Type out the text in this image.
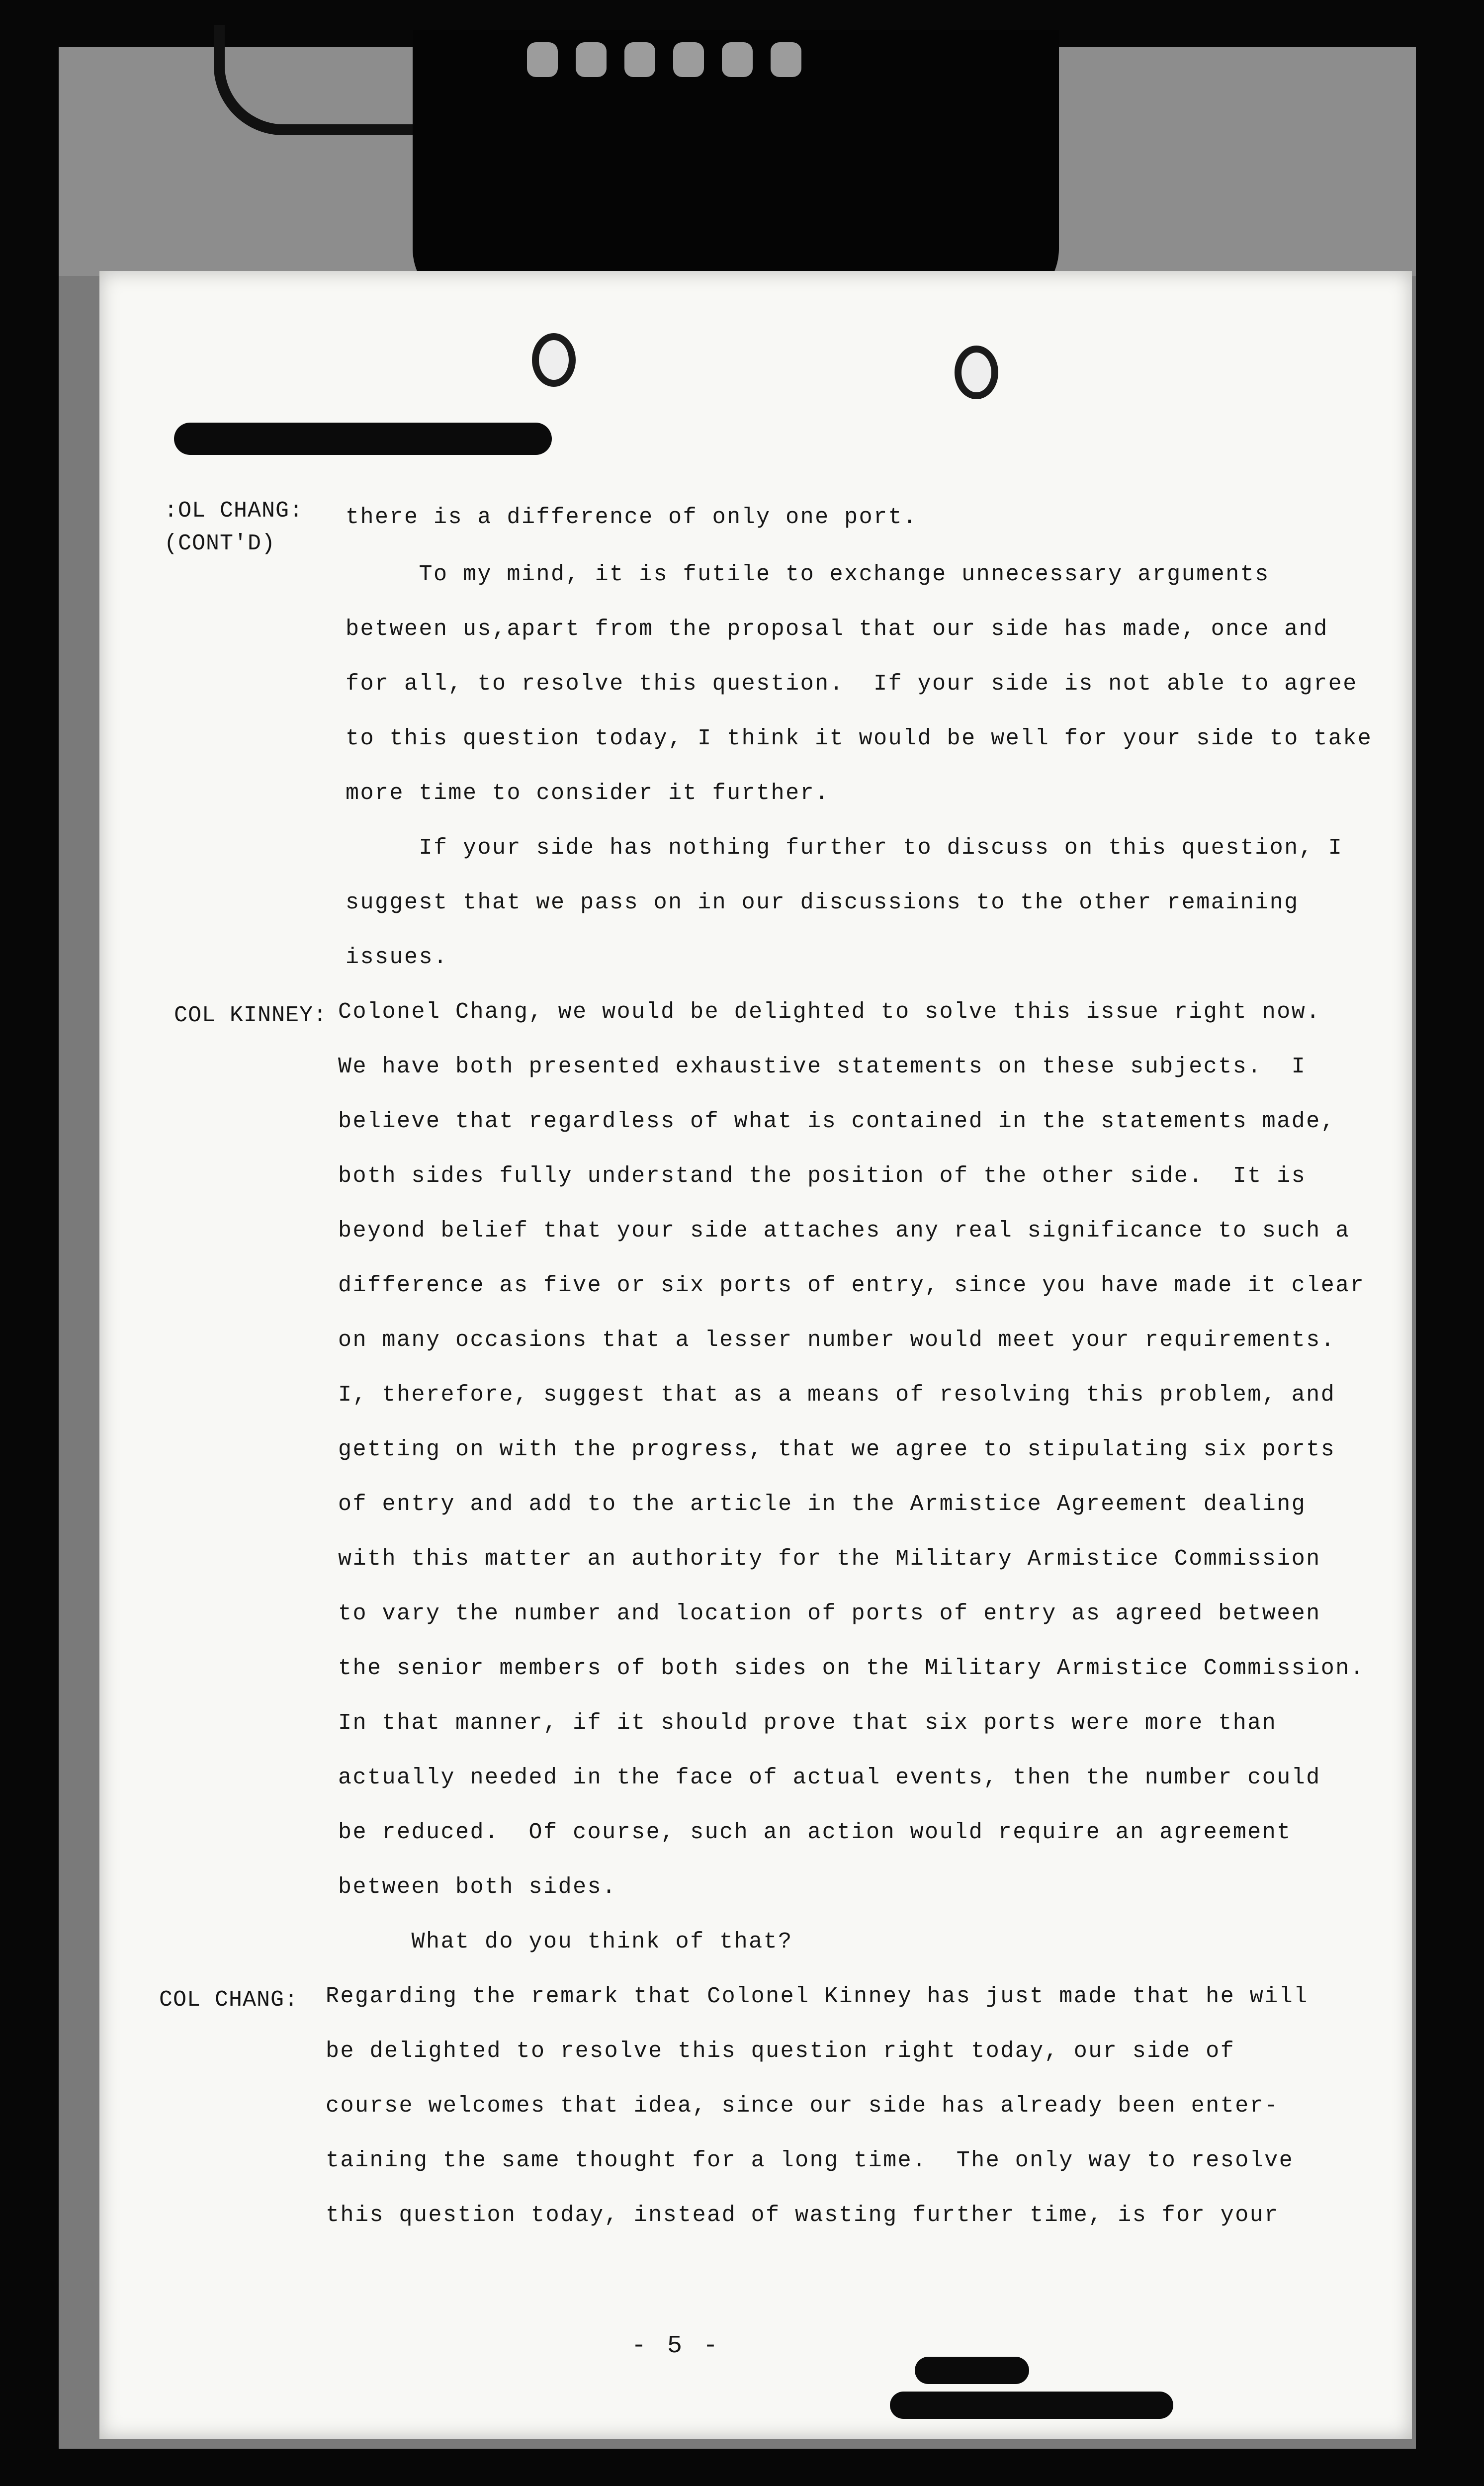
:OL CHANG:
(CONT'D)
there is a difference of only one port.
To my mind, it is futile to exchange unnecessary arguments
between us,apart from the proposal that our side has made, once and
for all, to resolve this question.  If your side is not able to agree
to this question today, I think it would be well for your side to take
more time to consider it further.
If your side has nothing further to discuss on this question, I
suggest that we pass on in our discussions to the other remaining
issues.
COL KINNEY: Colonel Chang, we would be delighted to solve this issue right now.
We have both presented exhaustive statements on these subjects.  I
believe that regardless of what is contained in the statements made,
both sides fully understand the position of the other side.  It is
beyond belief that your side attaches any real significance to such a
difference as five or six ports of entry, since you have made it clear
on many occasions that a lesser number would meet your requirements.
I, therefore, suggest that as a means of resolving this problem, and
getting on with the progress, that we agree to stipulating six ports
of entry and add to the article in the Armistice Agreement dealing
with this matter an authority for the Military Armistice Commission
to vary the number and location of ports of entry as agreed between
the senior members of both sides on the Military Armistice Commission.
In that manner, if it should prove that six ports were more than
actually needed in the face of actual events, then the number could
be reduced.  Of course, such an action would require an agreement
between both sides.
What do you think of that?
COL CHANG: Regarding the remark that Colonel Kinney has just made that he will
be delighted to resolve this question right today, our side of
course welcomes that idea, since our side has already been enter-
taining the same thought for a long time.  The only way to resolve
this question today, instead of wasting further time, is for your
- 5 -
